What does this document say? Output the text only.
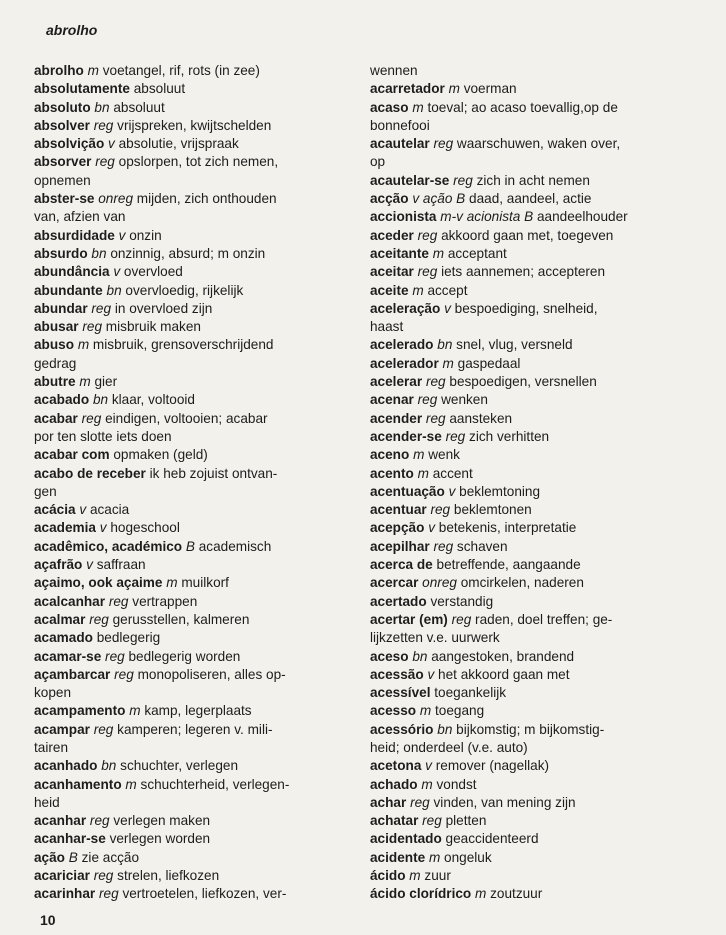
abrolho
abrolho m voetangel, rif, rots (in zee)
absolutamente absoluut
absoluto bn absoluut
absolver reg vrijspreken, kwijtschelden
absolvição v absolutie, vrijspraak
absorver reg opslorpen, tot zich nemen,
opnemen
abster-se onreg mijden, zich onthouden
van, afzien van
absurdidade v onzin
absurdo bn onzinnig, absurd; m onzin
abundância v overvloed
abundante bn overvloedig, rijkelijk
abundar reg in overvloed zijn
abusar reg misbruik maken
abuso m misbruik, grensoverschrijdend
gedrag
abutre m gier
acabado bn klaar, voltooid
acabar reg eindigen, voltooien; acabar
por ten slotte iets doen
acabar com opmaken (geld)
acabo de receber ik heb zojuist ontvan-
gen
acácia v acacia
academia v hogeschool
acadêmico, académico B academisch
açafrão v saffraan
açaimo, ook açaime m muilkorf
acalcanhar reg vertrappen
acalmar reg gerusstellen, kalmeren
acamado bedlegerig
acamar-se reg bedlegerig worden
açambarcar reg monopoliseren, alles op-
kopen
acampamento m kamp, legerplaats
acampar reg kamperen; legeren v. mili-
tairen
acanhado bn schuchter, verlegen
acanhamento m schuchterheid, verlegen-
heid
acanhar reg verlegen maken
acanhar-se verlegen worden
ação B zie acção
acariciar reg strelen, liefkozen
acarinhar reg vertroetelen, liefkozen, ver-
wennen
acarretador m voerman
acaso m toeval; ao acaso toevallig,op de
bonnefooi
acautelar reg waarschuwen, waken over,
op
acautelar-se reg zich in acht nemen
acção v ação B daad, aandeel, actie
accionista m-v acionista B aandeelhouder
aceder reg akkoord gaan met, toegeven
aceitante m acceptant
aceitar reg iets aannemen; accepteren
aceite m accept
aceleração v bespoediging, snelheid,
haast
acelerado bn snel, vlug, versneld
acelerador m gaspedaal
acelerar reg bespoedigen, versnellen
acenar reg wenken
acender reg aansteken
acender-se reg zich verhitten
aceno m wenk
acento m accent
acentuação v beklemtoning
acentuar reg beklemtonen
acepção v betekenis, interpretatie
acepilhar reg schaven
acerca de betreffende, aangaande
acercar onreg omcirkelen, naderen
acertado verstandig
acertar (em) reg raden, doel treffen; ge-
lijkzetten v.e. uurwerk
aceso bn aangestoken, brandend
acessão v het akkoord gaan met
acessível toegankelijk
acesso m toegang
acessório bn bijkomstig; m bijkomstig-
heid; onderdeel (v.e. auto)
acetona v remover (nagellak)
achado m vondst
achar reg vinden, van mening zijn
achatar reg pletten
acidentado geaccidenteerd
acidente m ongeluk
ácido m zuur
ácido clorídrico m zoutzuur
10
